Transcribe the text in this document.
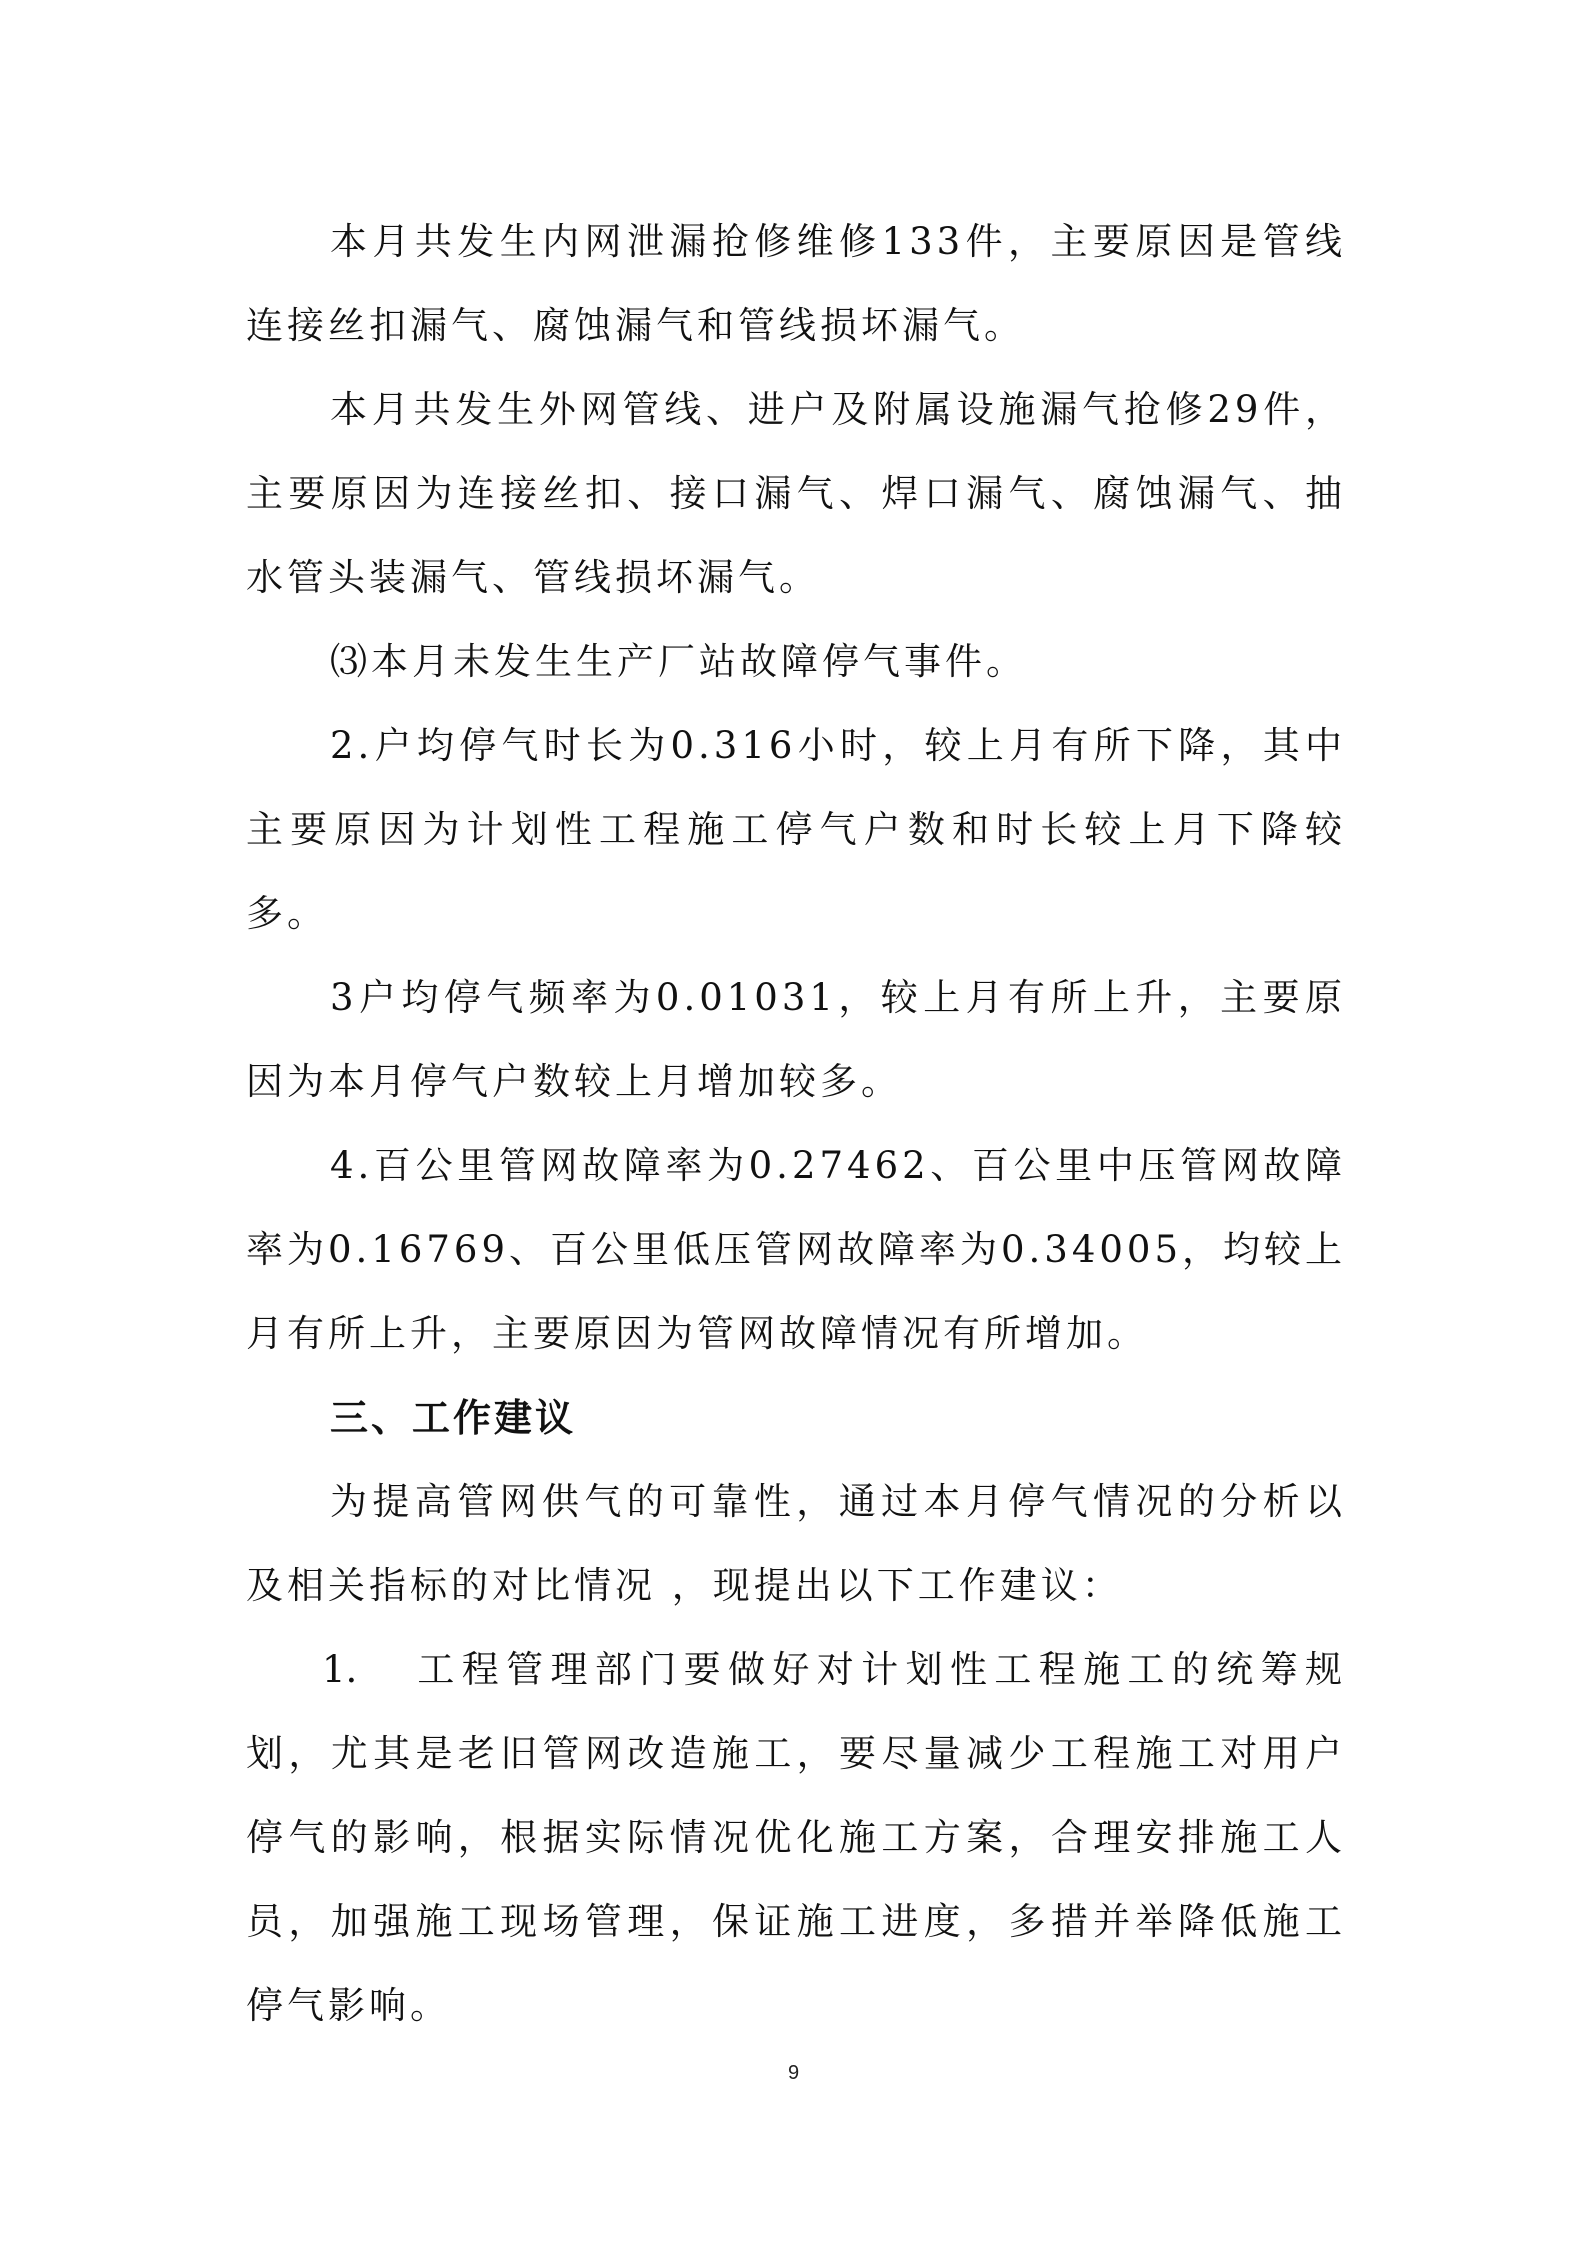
本月共发生内网泄漏抢修维修133件，主要原因是管线连接丝扣漏气、腐蚀漏气和管线损坏漏气。

本月共发生外网管线、进户及附属设施漏气抢修29件，主要原因为连接丝扣、接口漏气、焊口漏气、腐蚀漏气、抽水管头装漏气、管线损坏漏气。

⑶本月未发生生产厂站故障停气事件。

2.户均停气时长为0.316小时，较上月有所下降，其中主要原因为计划性工程施工停气户数和时长较上月下降较多。

3户均停气频率为0.01031，较上月有所上升，主要原因为本月停气户数较上月增加较多。

4.百公里管网故障率为0.27462、百公里中压管网故障率为0.16769、百公里低压管网故障率为0.34005，均较上月有所上升，主要原因为管网故障情况有所增加。

三、工作建议

为提高管网供气的可靠性，通过本月停气情况的分析以及相关指标的对比情况 ，现提出以下工作建议：

1. 工程管理部门要做好对计划性工程施工的统筹规划，尤其是老旧管网改造施工，要尽量减少工程施工对用户停气的影响，根据实际情况优化施工方案，合理安排施工人员，加强施工现场管理，保证施工进度，多措并举降低施工停气影响。

9
